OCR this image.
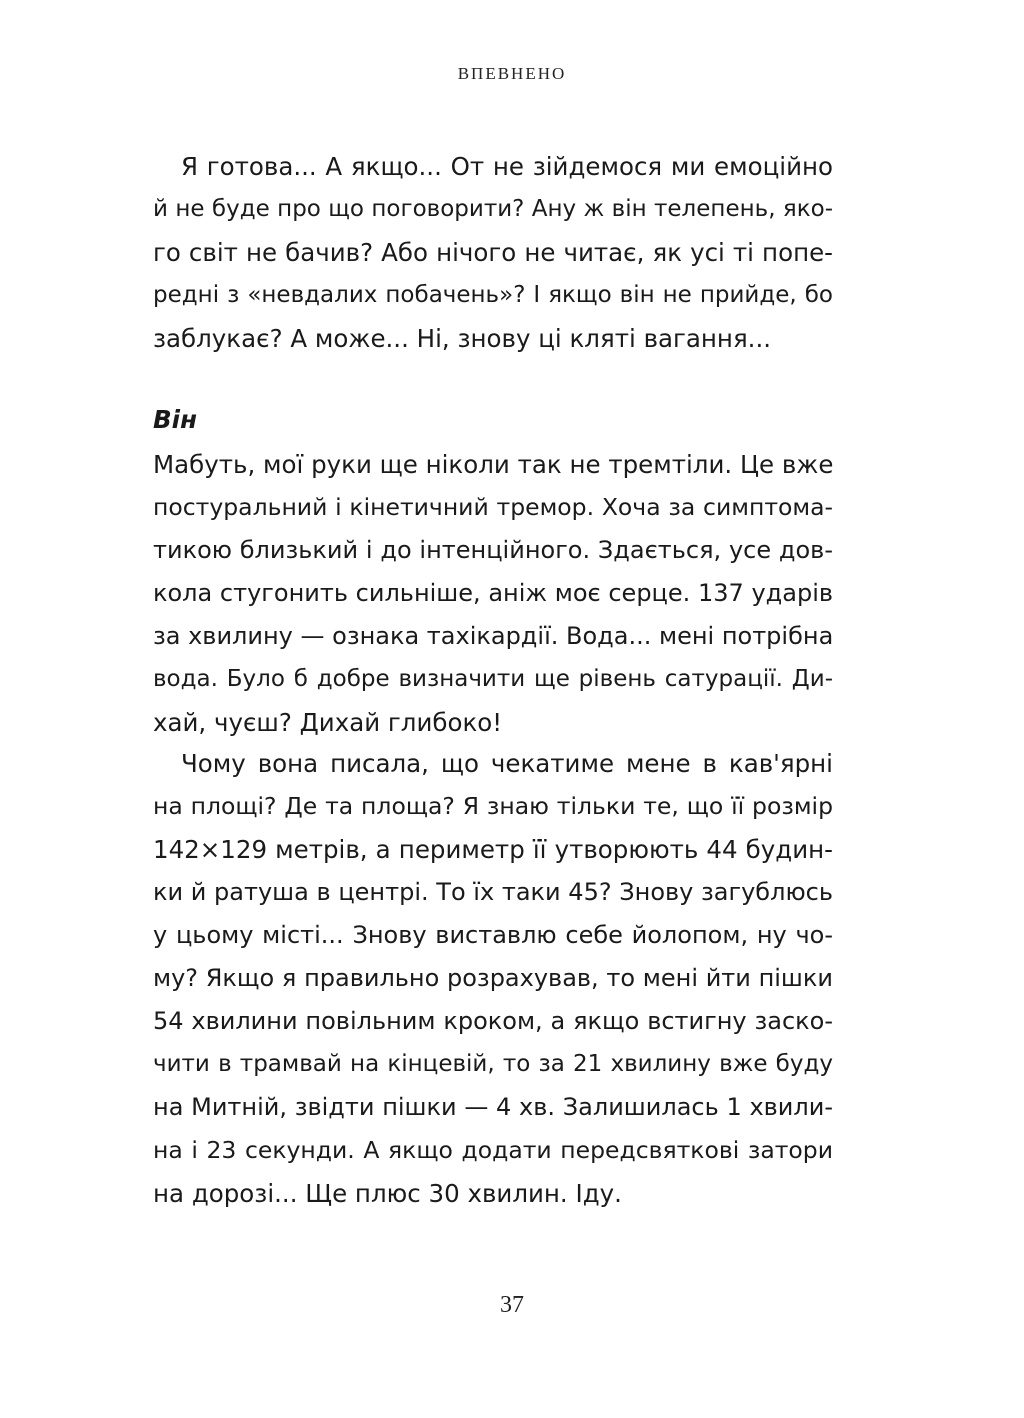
ВПЕВНЕНО
Я готова... А якщо... От не зійдемося ми емоційно
й не буде про що поговорити? Ану ж він телепень, яко-
го світ не бачив? Або нічого не читає, як усі ті попе-
редні з «невдалих побачень»? І якщо він не прийде, бо
заблукає? А може... Ні, знову ці кляті вагання...
Він
Мабуть, мої руки ще ніколи так не тремтіли. Це вже
постуральний і кінетичний тремор. Хоча за симптома-
тикою близький і до інтенційного. Здається, усе дов-
кола стугонить сильніше, аніж моє серце. 137 ударів
за хвилину — ознака тахікардії. Вода... мені потрібна
вода. Було б добре визначити ще рівень сатурації. Ди-
хай, чуєш? Дихай глибоко!
Чому вона писала, що чекатиме мене в кав'ярні
на площі? Де та площа? Я знаю тільки те, що її розмір
142×129 метрів, а периметр її утворюють 44 будин-
ки й ратуша в центрі. То їх таки 45? Знову загублюсь
у цьому місті... Знову виставлю себе йолопом, ну чо-
му? Якщо я правильно розрахував, то мені йти пішки
54 хвилини повільним кроком, а якщо встигну заско-
чити в трамвай на кінцевій, то за 21 хвилину вже буду
на Митній, звідти пішки — 4 хв. Залишилась 1 хвили-
на і 23 секунди. А якщо додати передсвяткові затори
на дорозі... Ще плюс 30 хвилин. Іду.
37
